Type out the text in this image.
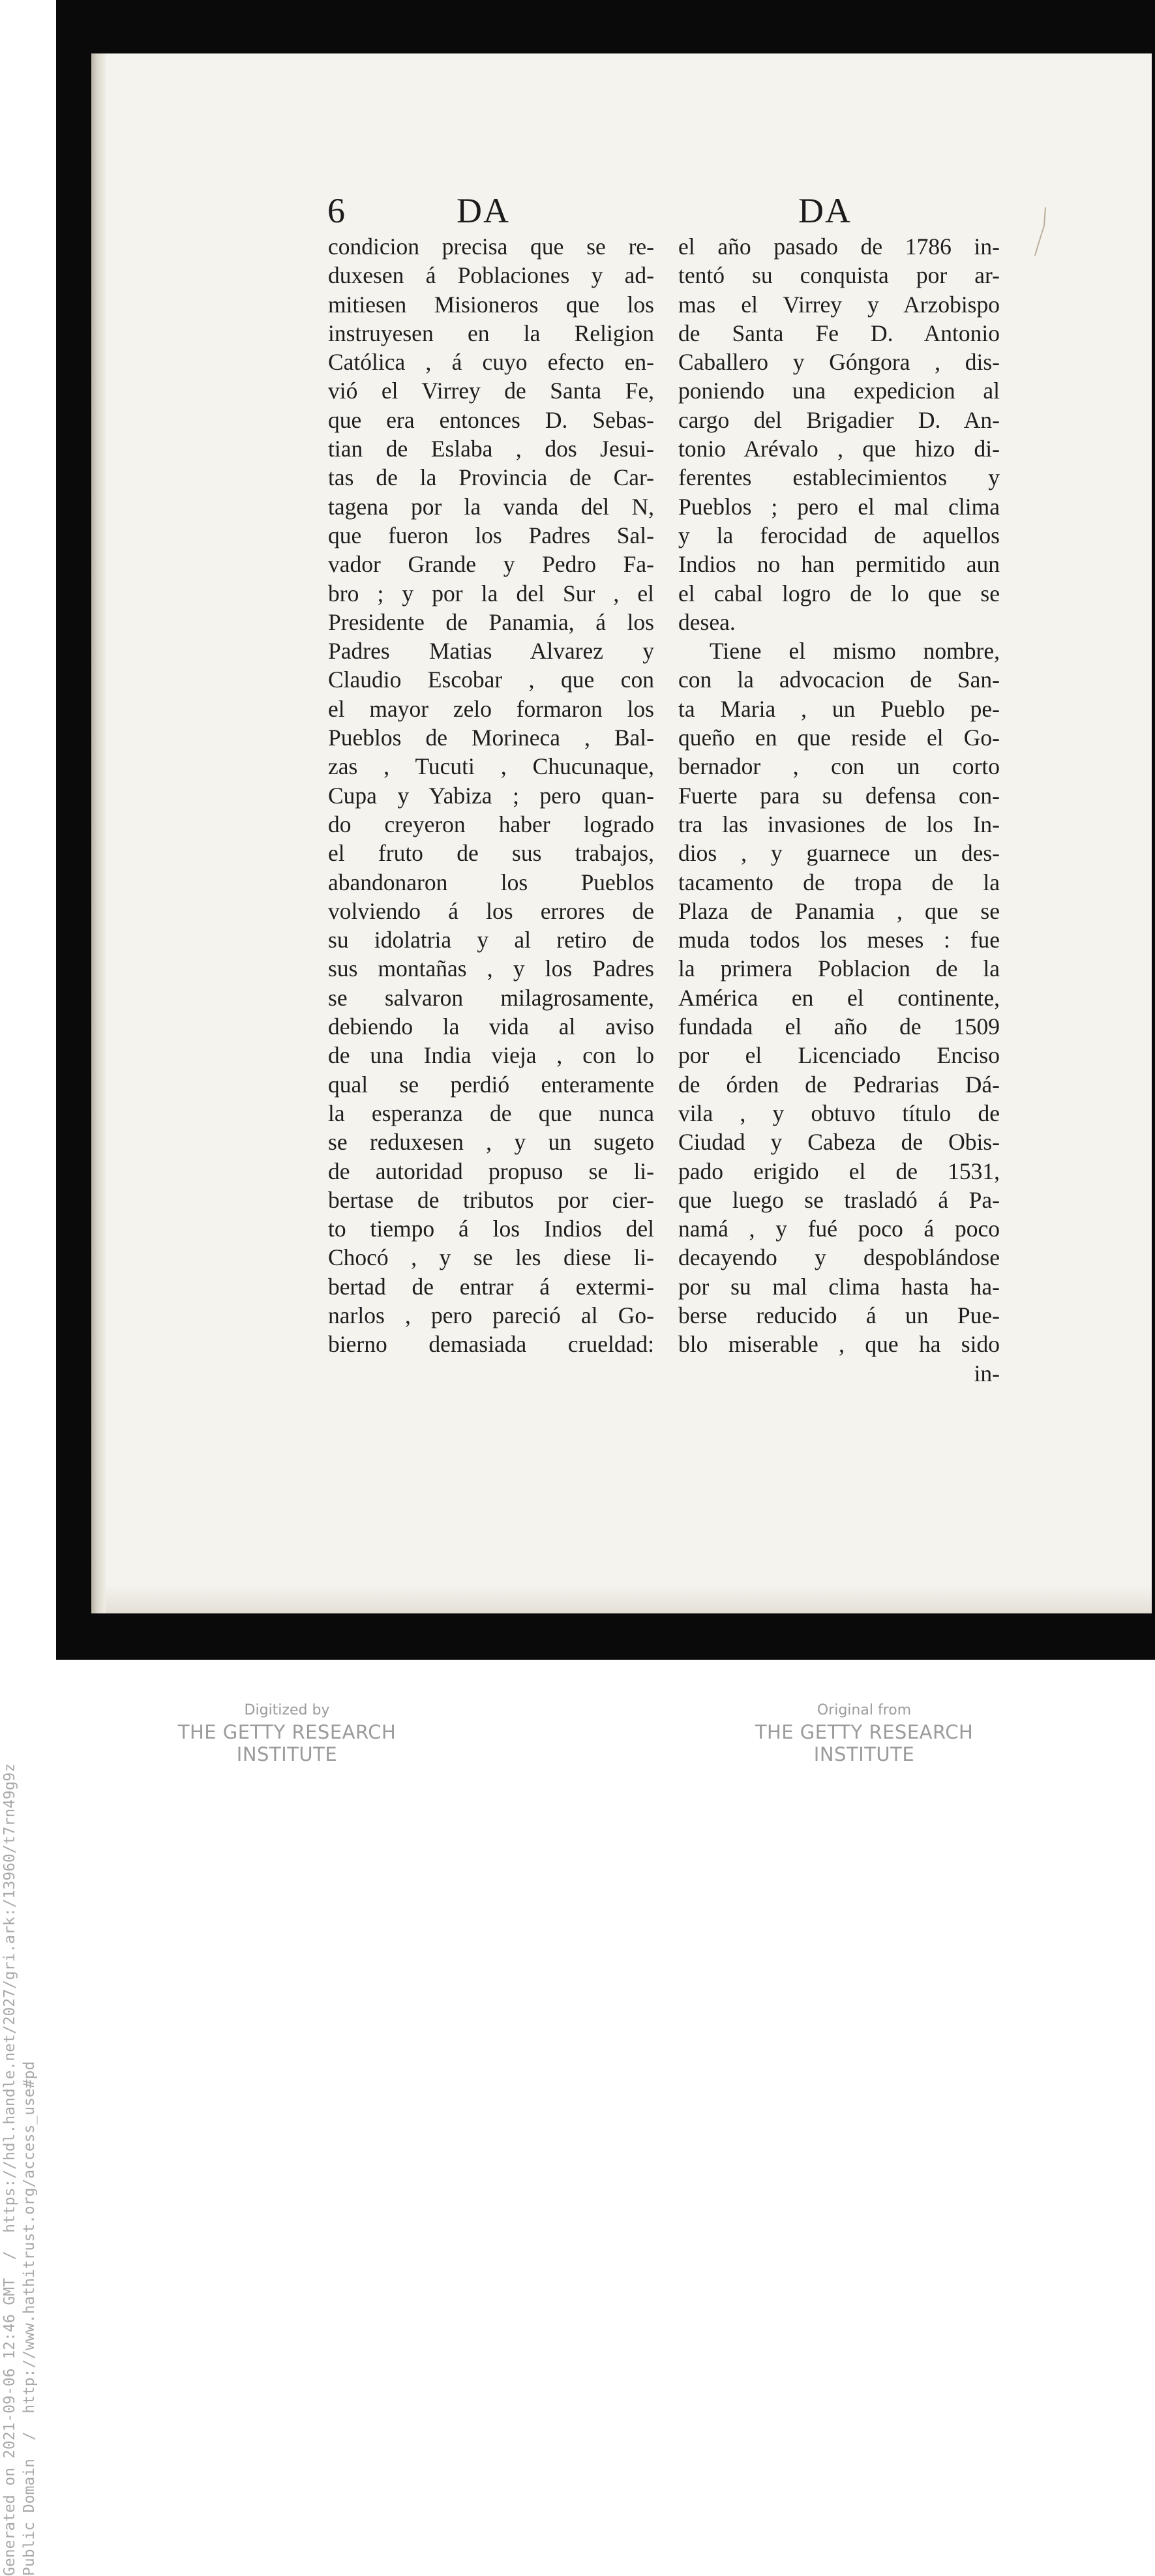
6	DA	DA
condicion precisa que se re-
duxesen á Poblaciones y ad-
mitiesen Misioneros que los
instruyesen en la Religion
Católica , á cuyo efecto en-
vió el Virrey de Santa Fe,
que era entonces D. Sebas-
tian de Eslaba , dos Jesui-
tas de la Provincia de Car-
tagena por la vanda del N,
que fueron los Padres Sal-
vador Grande y Pedro Fa-
bro ; y por la del Sur , el
Presidente de Panamia, á los
Padres Matias Alvarez y
Claudio Escobar , que con
el mayor zelo formaron los
Pueblos de Morineca , Bal-
zas , Tucuti , Chucunaque,
Cupa y Yabiza ; pero quan-
do creyeron haber logrado
el fruto de sus trabajos,
abandonaron los Pueblos
volviendo á los errores de
su idolatria y al retiro de
sus montañas , y los Padres
se salvaron milagrosamente,
debiendo la vida al aviso
de una India vieja , con lo
qual se perdió enteramente
la esperanza de que nunca
se reduxesen , y un sugeto
de autoridad propuso se li-
bertase de tributos por cier-
to tiempo á los Indios del
Chocó , y se les diese li-
bertad de entrar á extermi-
narlos , pero pareció al Go-
bierno demasiada crueldad:
el año pasado de 1786 in-
tentó su conquista por ar-
mas el Virrey y Arzobispo
de Santa Fe D. Antonio
Caballero y Góngora , dis-
poniendo una expedicion al
cargo del Brigadier D. An-
tonio Arévalo , que hizo di-
ferentes establecimientos y
Pueblos ; pero el mal clima
y la ferocidad de aquellos
Indios no han permitido aun
el cabal logro de lo que se
desea.
Tiene el mismo nombre,
con la advocacion de San-
ta Maria , un Pueblo pe-
queño en que reside el Go-
bernador , con un corto
Fuerte para su defensa con-
tra las invasiones de los In-
dios , y guarnece un des-
tacamento de tropa de la
Plaza de Panamia , que se
muda todos los meses : fue
la primera Poblacion de la
América en el continente,
fundada el año de 1509
por el Licenciado Enciso
de órden de Pedrarias Dá-
vila , y obtuvo título de
Ciudad y Cabeza de Obis-
pado erigido el de 1531,
que luego se trasladó á Pa-
namá , y fué poco á poco
decayendo y despoblándose
por su mal clima hasta ha-
berse reducido á un Pue-
blo miserable , que ha sido
in-
Generated on 2021-09-06 12:46 GMT  /  https://hdl.handle.net/2027/gri.ark:/13960/t7rn49g9z Public Domain  /  http://www.hathitrust.org/access_use#pd
Digitized by
THE GETTY RESEARCH INSTITUTE
Original from
THE GETTY RESEARCH INSTITUTE
